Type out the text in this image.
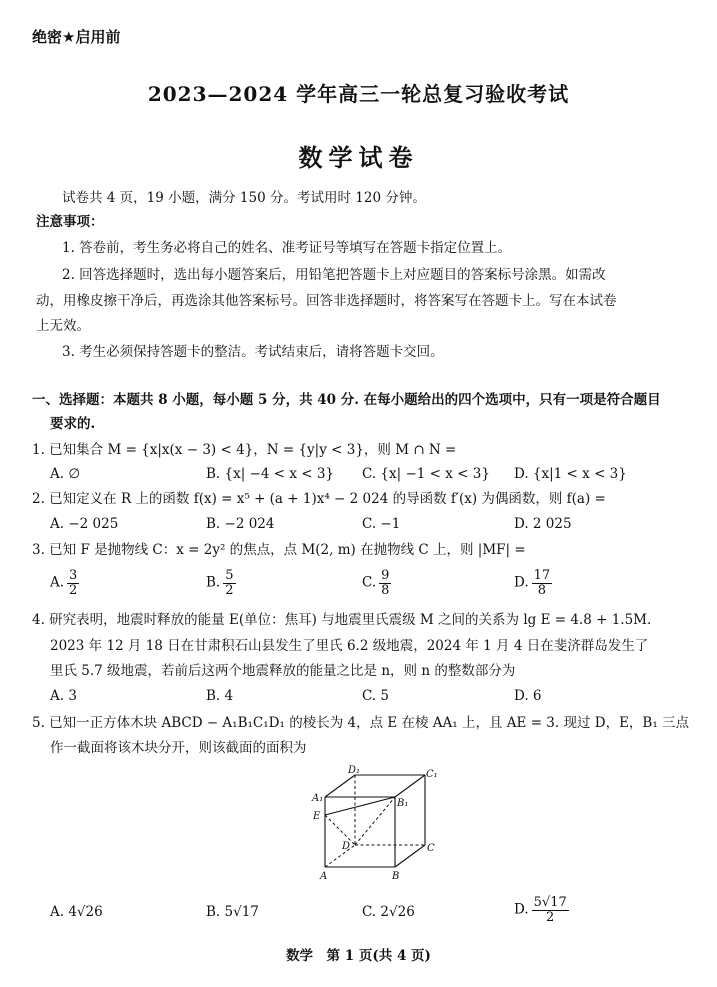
绝密★启用前
2023—2024 学年高三一轮总复习验收考试
数学试卷
试卷共 4 页，19 小题，满分 150 分。考试用时 120 分钟。
注意事项：
1. 答卷前，考生务必将自己的姓名、准考证号等填写在答题卡指定位置上。
2. 回答选择题时，选出每小题答案后，用铅笔把答题卡上对应题目的答案标号涂黑。如需改
动，用橡皮擦干净后，再选涂其他答案标号。回答非选择题时，将答案写在答题卡上。写在本试卷
上无效。
3. 考生必须保持答题卡的整洁。考试结束后，请将答题卡交回。
一、选择题：本题共 8 小题，每小题 5 分，共 40 分. 在每小题给出的四个选项中，只有一项是符合题目
要求的.
1. 已知集合 M = {x|x(x − 3) < 4}，N = {y|y < 3}，则 M ∩ N =
A. ∅	B. {x| −4 < x < 3} C. {x| −1 < x < 3} D. {x|1 < x < 3}
2. 已知定义在 R 上的函数 f(x) = x⁵ + (a + 1)x⁴ − 2 024 的导函数 f′(x) 为偶函数，则 f(a) =
A. −2 025	B. −2 024	C. −1	D. 2 025
3. 已知 F 是抛物线 C：x = 2y² 的焦点，点 M(2, m) 在抛物线 C 上，则 |MF| =
A. $\frac{3}{2}$	B. $\frac{5}{2}$	C. $\frac{9}{8}$	D. $\frac{17}{8}$
4. 研究表明，地震时释放的能量 E(单位：焦耳) 与地震里氏震级 M 之间的关系为 lg E = 4.8 + 1.5M.
2023 年 12 月 18 日在甘肃积石山县发生了里氏 6.2 级地震，2024 年 1 月 4 日在斐济群岛发生了
里氏 5.7 级地震，若前后这两个地震释放的能量之比是 n，则 n 的整数部分为
A. 3	B. 4	C. 5	D. 6
5. 已知一正方体木块 ABCD − A₁B₁C₁D₁ 的棱长为 4，点 E 在棱 AA₁ 上，且 AE = 3. 现过 D，E，B₁ 三点
作一截面将该木块分开，则该截面的面积为
D₁	C₁
A₁	B₁
E
D	C
A	B
A. 4√26	B. 5√17	C. 2√26	D. $\frac{5√17}{2}$
数学　第 1 页(共 4 页)
